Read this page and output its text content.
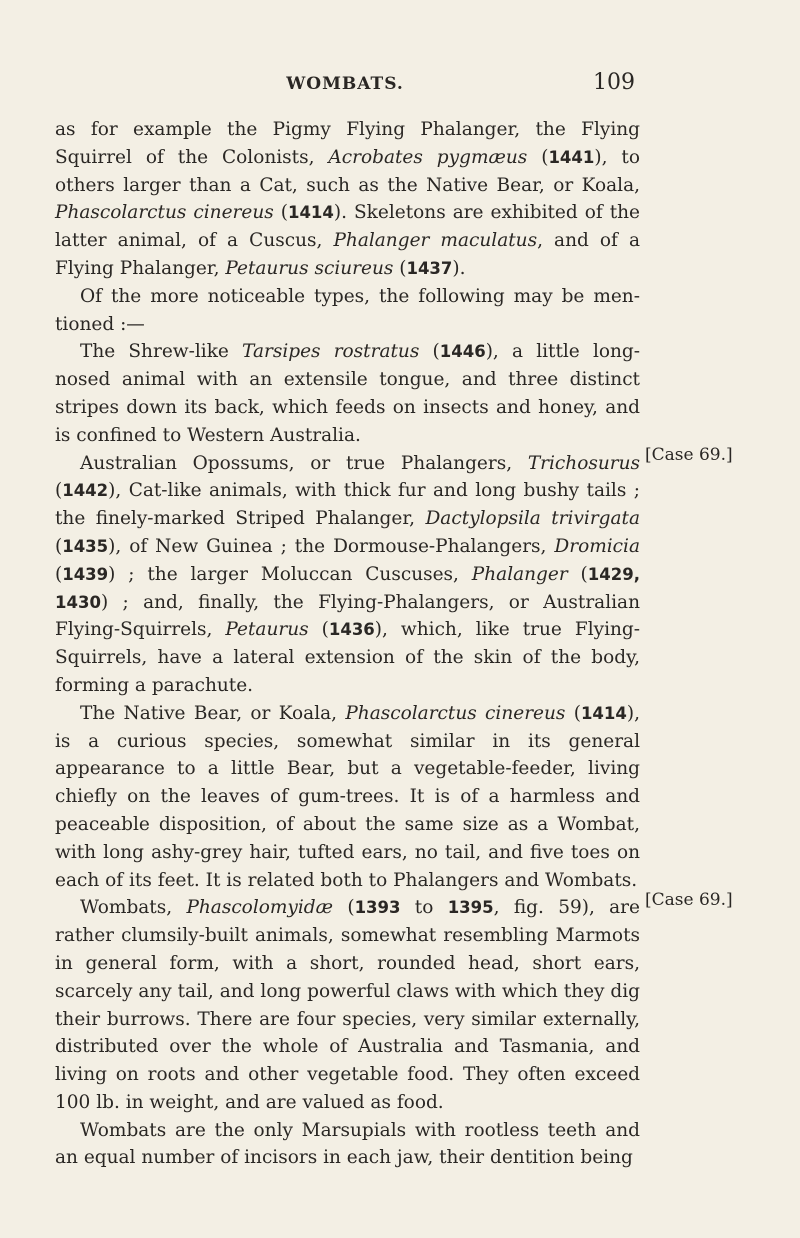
WOMBATS.	109

as for example the Pigmy Flying Phalanger, the Flying Squirrel of the Colonists, Acrobates pygmæus (1441), to others larger than a Cat, such as the Native Bear, or Koala, Phascolarctus cinereus (1414). Skeletons are exhibited of the latter animal, of a Cuscus, Phalanger maculatus, and of a Flying Phalanger, Petaurus sciureus (1437).

Of the more noticeable types, the following may be mentioned :—

The Shrew-like Tarsipes rostratus (1446), a little long-nosed animal with an extensile tongue, and three distinct stripes down its back, which feeds on insects and honey, and is confined to Western Australia.

Australian Opossums, or true Phalangers, Trichosurus (1442), Cat-like animals, with thick fur and long bushy tails ; the finely-marked Striped Phalanger, Dactylopsila trivirgata (1435), of New Guinea ; the Dormouse-Phalangers, Dromicia (1439) ; the larger Moluccan Cuscuses, Phalanger (1429, 1430) ; and, finally, the Flying-Phalangers, or Australian Flying-Squirrels, Petaurus (1436), which, like true Flying-Squirrels, have a lateral extension of the skin of the body, forming a parachute.

The Native Bear, or Koala, Phascolarctus cinereus (1414), is a curious species, somewhat similar in its general appearance to a little Bear, but a vegetable-feeder, living chiefly on the leaves of gum-trees. It is of a harmless and peaceable disposition, of about the same size as a Wombat, with long ashy-grey hair, tufted ears, no tail, and five toes on each of its feet. It is related both to Phalangers and Wombats.

Wombats, Phascolomyidæ (1393 to 1395, fig. 59), are rather clumsily-built animals, somewhat resembling Marmots in general form, with a short, rounded head, short ears, scarcely any tail, and long powerful claws with which they dig their burrows. There are four species, very similar externally, distributed over the whole of Australia and Tasmania, and living on roots and other vegetable food. They often exceed 100 lb. in weight, and are valued as food.

Wombats are the only Marsupials with rootless teeth and an equal number of incisors in each jaw, their dentition being

[Case 69.]
[Case 69.]
